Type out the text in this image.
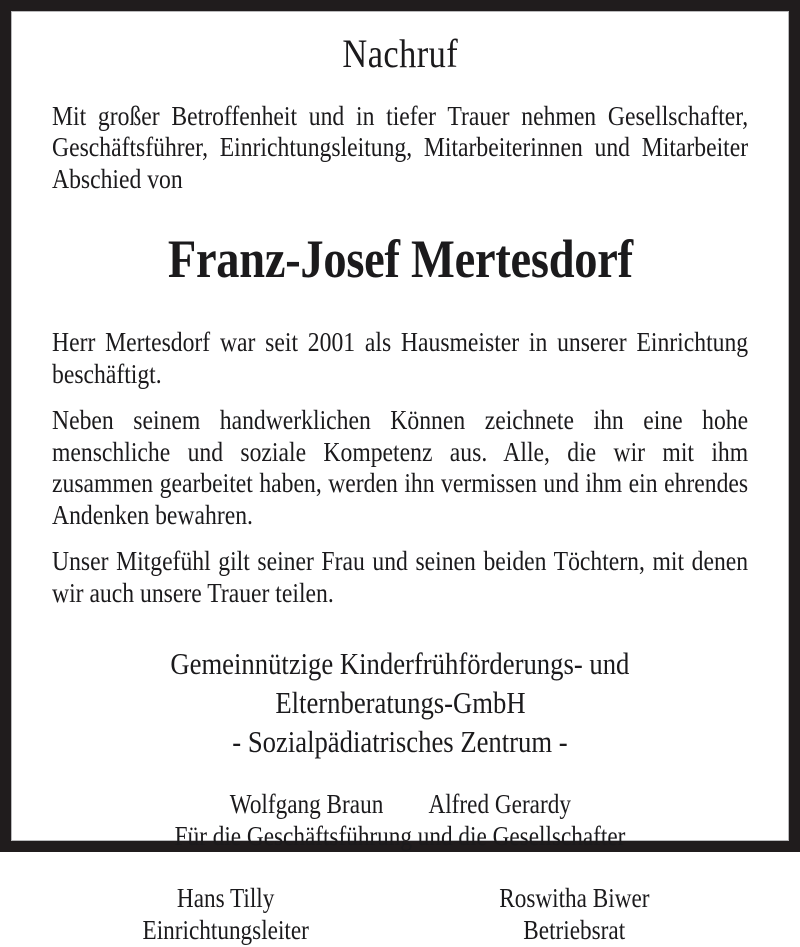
Nachruf

Mit großer Betroffenheit und in tiefer Trauer nehmen Gesellschafter, Geschäftsführer, Einrichtungsleitung, Mitarbeiterinnen und Mitarbeiter Abschied von

Franz-Josef Mertesdorf

Herr Mertesdorf war seit 2001 als Hausmeister in unserer Einrichtung beschäftigt.

Neben seinem handwerklichen Können zeichnete ihn eine hohe menschliche und soziale Kompetenz aus. Alle, die wir mit ihm zusammen gearbeitet haben, werden ihn vermissen und ihm ein ehrendes Andenken bewahren.

Unser Mitgefühl gilt seiner Frau und seinen beiden Töchtern, mit denen wir auch unsere Trauer teilen.

Gemeinnützige Kinderfrühförderungs- und
Elternberatungs-GmbH
- Sozialpädiatrisches Zentrum -
Wolfgang Braun        Alfred Gerardy
Für die Geschäftsführung und die Gesellschafter
Hans Tilly
Einrichtungsleiter
Roswitha Biwer
Betriebsrat
